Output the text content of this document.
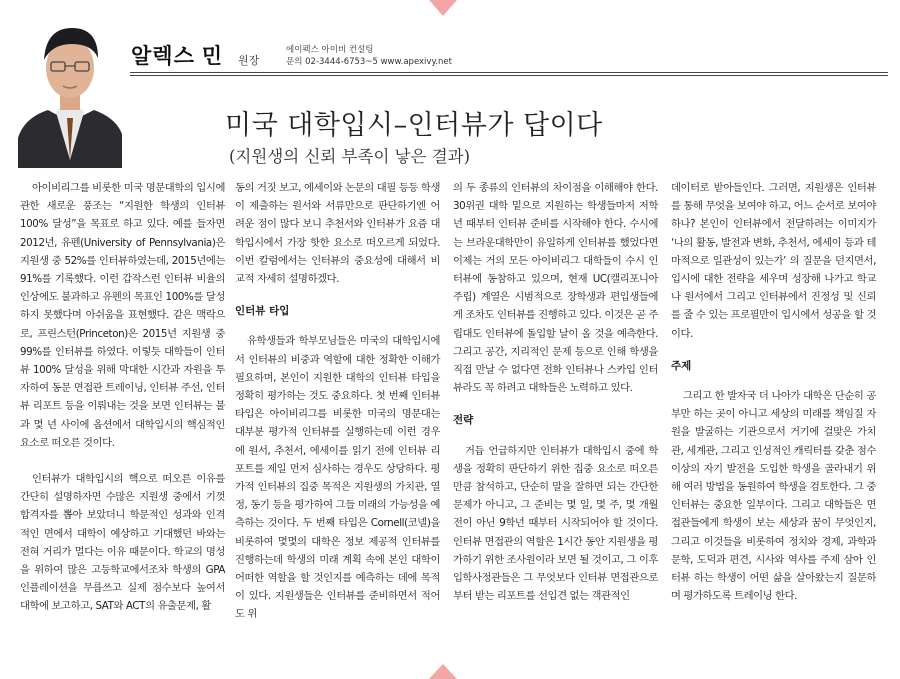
알렉스 민 원장
에이펙스 아이비 컨설팅
문의 02-3444-6753~5 www.apexivy.net
미국 대학입시–인터뷰가 답이다
(지원생의 신뢰 부족이 낳은 결과)

아이비리그를 비롯한 미국 명문대학의 입시에 관한 새로운 풍조는 “지원한 학생의 인터뷰 100% 달성”을 목표로 하고 있다. 예를 들자면 2012년, 유펜(University of Pennsylvania)은 지원생 중 52%를 인터뷰하였는데, 2015년에는 91%를 기록했다. 이런 갑작스런 인터뷰 비율의 인상에도 불과하고 유펜의 목표인 100%를 달성하지 못했다며 아쉬움을 표현했다. 같은 맥락으로, 프린스턴(Princeton)은 2015년 지원생 중 99%를 인터뷰를 하였다. 이렇듯 대학들이 인터뷰 100% 달성을 위해 막대한 시간과 자원을 투자하여 동문 면접관 트레이닝, 인터뷰 주선, 인터뷰 리포트 등을 이뤄내는 것을 보면 인터뷰는 불과 몇 년 사이에 옵션에서 대학입시의 핵심적인 요소로 떠오른 것이다.

인터뷰가 대학입시의 핵으로 떠오른 이유를 간단히 설명하자면 수많은 지원생 중에서 기껏 합격자를 뽑아 보았더니 학문적인 성과와 인격적인 면에서 대학이 예상하고 기대했던 바와는 전혀 거리가 멀다는 이유 때문이다. 학교의 명성을 위하여 많은 고등학교에서조차 학생의 GPA 인플레이션을 무릅쓰고 실제 점수보다 높여서 대학에 보고하고, SAT와 ACT의 유출문제, 활

동의 거짓 보고, 에세이와 논문의 대필 등등 학생이 제출하는 원서와 서류만으로 판단하기엔 어려운 점이 많다 보니 추천서와 인터뷰가 요즘 대학입시에서 가장 핫한 요소로 떠오르게 되었다. 이번 칼럼에서는 인터뷰의 중요성에 대해서 비교적 자세히 설명하겠다.

인터뷰 타입

유학생들과 학부모님들은 미국의 대학입시에서 인터뷰의 비중과 역할에 대한 정확한 이해가 필요하며, 본인이 지원한 대학의 인터뷰 타입을 정확히 평가하는 것도 중요하다. 첫 번째 인터뷰 타입은 아이비리그를 비롯한 미국의 명문대는 대부분 평가적 인터뷰를 실행하는데 이런 경우에 원서, 추천서, 에세이를 읽기 전에 인터뷰 리포트를 제일 먼저 심사하는 경우도 상당하다. 평가적 인터뷰의 집중 목적은 지원생의 가치관, 열정, 동기 등을 평가하여 그들 미래의 가능성을 예측하는 것이다. 두 번째 타입은 Cornell(코넬)을 비롯하여 몇몇의 대학은 정보 제공적 인터뷰를 진행하는데 학생의 미래 계획 속에 본인 대학이 어떠한 역할을 할 것인지를 예측하는 데에 목적이 있다. 지원생들은 인터뷰를 준비하면서 적어도 위

의 두 종류의 인터뷰의 차이점을 이해해야 한다. 30위권 대학 밑으로 지원하는 학생들마저 저학년 때부터 인터뷰 준비를 시작해야 한다. 수시에는 브라운대학만이 유일하게 인터뷰를 했었다면 이제는 거의 모든 아이비리그 대학들이 수시 인터뷰에 동참하고 있으며, 현재 UC(캘리포니아 주립) 계열은 시범적으로 장학생과 편입생들에게 조차도 인터뷰를 진행하고 있다. 이것은 곧 주립대도 인터뷰에 돌입할 날이 올 것을 예측한다. 그리고 공간, 지리적인 문제 등으로 인해 학생을 직접 만날 수 없다면 전화 인터뷰나 스카입 인터뷰라도 꼭 하려고 대학들은 노력하고 있다.

전략

거듭 언급하지만 인터뷰가 대학입시 중에 학생을 정확히 판단하기 위한 집중 요소로 떠오른 만큼 참석하고, 단순히 말을 잘하면 되는 간단한 문제가 아니고, 그 준비는 몇 일, 몇 주, 몇 개월 전이 아닌 9학년 때부터 시작되어야 할 것이다. 인터뷰 면접관의 역할은 1시간 동안 지원생을 평가하기 위한 조사원이라 보면 될 것이고, 그 이후 입학사정관들은 그 무엇보다 인터뷰 면접관으로부터 받는 리포트를 선입견 없는 객관적인

데이터로 받아들인다. 그러면, 지원생은 인터뷰를 통해 무엇을 보여야 하고, 어느 순서로 보여야 하나? 본인이 인터뷰에서 전달하려는 이미지가 ‘나의 활동, 발전과 변화, 추천서, 에세이 등과 테마적으로 일관성이 있는가’ 의 질문을 던지면서, 입시에 대한 전략을 세우며 성장해 나가고 학교나 원서에서 그리고 인터뷰에서 진정성 및 신뢰를 줄 수 있는 프로필만이 입시에서 성공을 할 것이다.

주제

그리고 한 발자국 더 나아가 대학은 단순히 공부만 하는 곳이 아니고 세상의 미래를 책임질 자원을 발굴하는 기관으로서 거기에 걸맞은 가치관, 세계관, 그리고 인성적인 캐릭터를 갖춘 점수 이상의 자기 발전을 도입한 학생을 골라내기 위해 여러 방법을 동원하여 학생을 검토한다. 그 중 인터뷰는 중요한 일부이다. 그리고 대학들은 면접관들에게 학생이 보는 세상과 꿈이 무엇인지, 그리고 이것들을 비롯하여 정치와 경제, 과학과 문학, 도덕과 편견, 시사와 역사를 주제 삼아 인터뷰 하는 학생이 어떤 삶을 살아왔는지 질문하며 평가하도록 트레이닝 한다.
